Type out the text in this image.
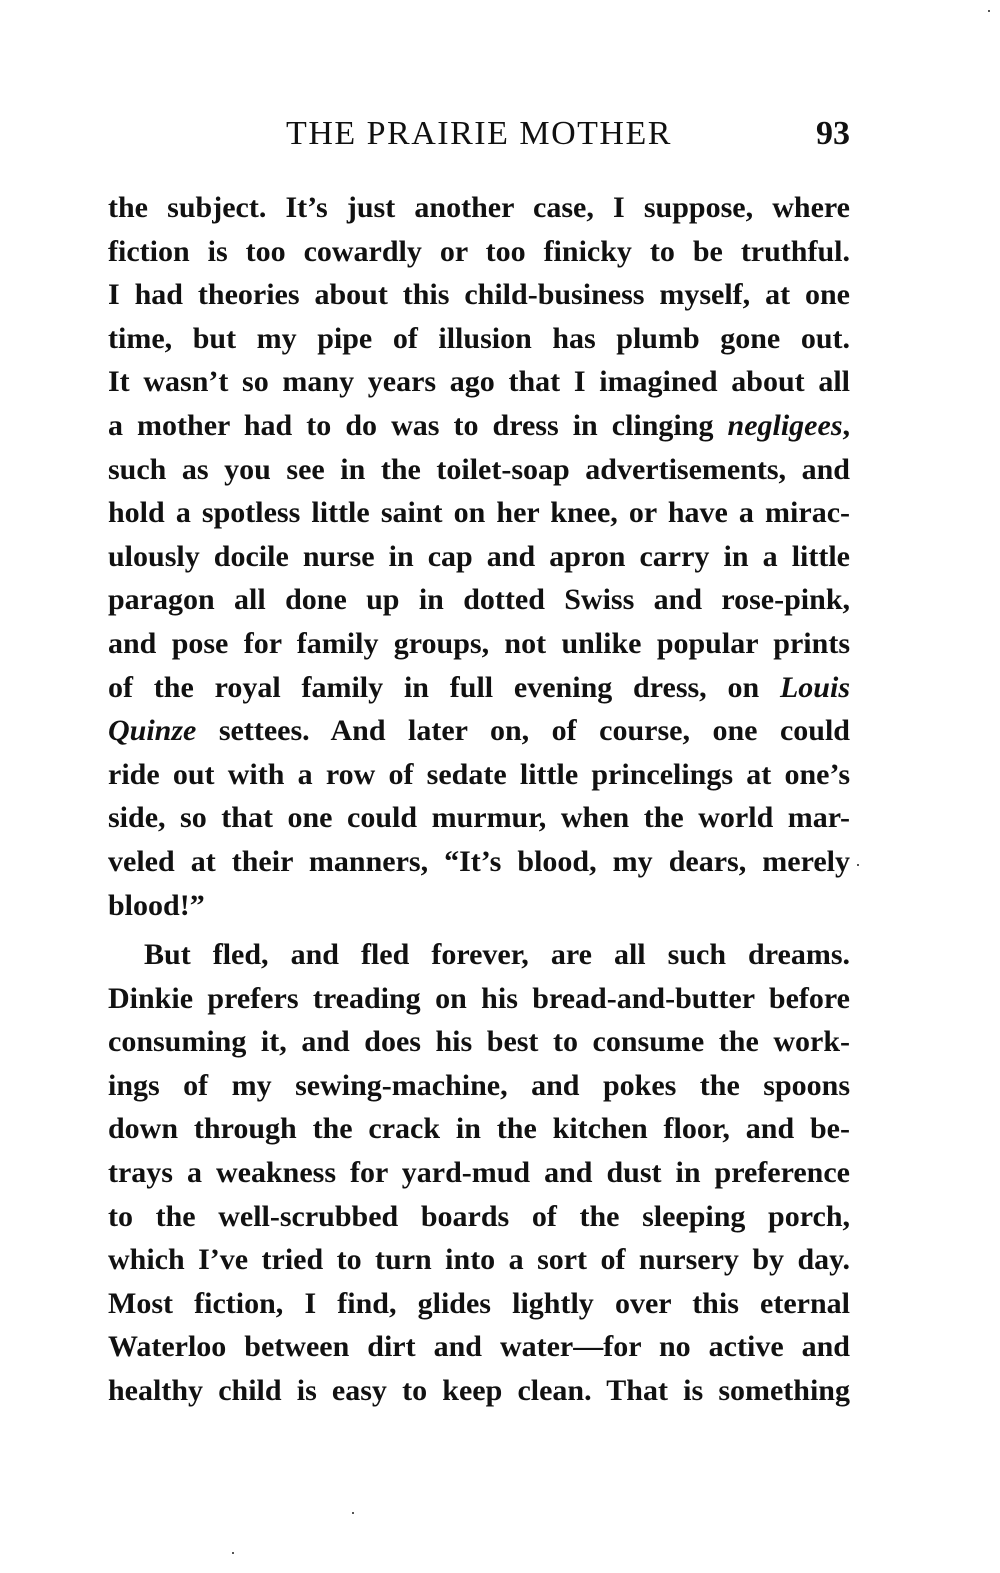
THE PRAIRIE MOTHER	93
the subject. It’s just another case, I suppose, where
fiction is too cowardly or too finicky to be truthful.
I had theories about this child-business myself, at one
time, but my pipe of illusion has plumb gone out.
It wasn’t so many years ago that I imagined about all
a mother had to do was to dress in clinging negligees,
such as you see in the toilet-soap advertisements, and
hold a spotless little saint on her knee, or have a mirac-
ulously docile nurse in cap and apron carry in a little
paragon all done up in dotted Swiss and rose-pink,
and pose for family groups, not unlike popular prints
of the royal family in full evening dress, on Louis
Quinze settees. And later on, of course, one could
ride out with a row of sedate little princelings at one’s
side, so that one could murmur, when the world mar-
veled at their manners, “It’s blood, my dears, merely
blood!”
But fled, and fled forever, are all such dreams.
Dinkie prefers treading on his bread-and-butter before
consuming it, and does his best to consume the work-
ings of my sewing-machine, and pokes the spoons
down through the crack in the kitchen floor, and be-
trays a weakness for yard-mud and dust in preference
to the well-scrubbed boards of the sleeping porch,
which I’ve tried to turn into a sort of nursery by day.
Most fiction, I find, glides lightly over this eternal
Waterloo between dirt and water—for no active and
healthy child is easy to keep clean. That is something
